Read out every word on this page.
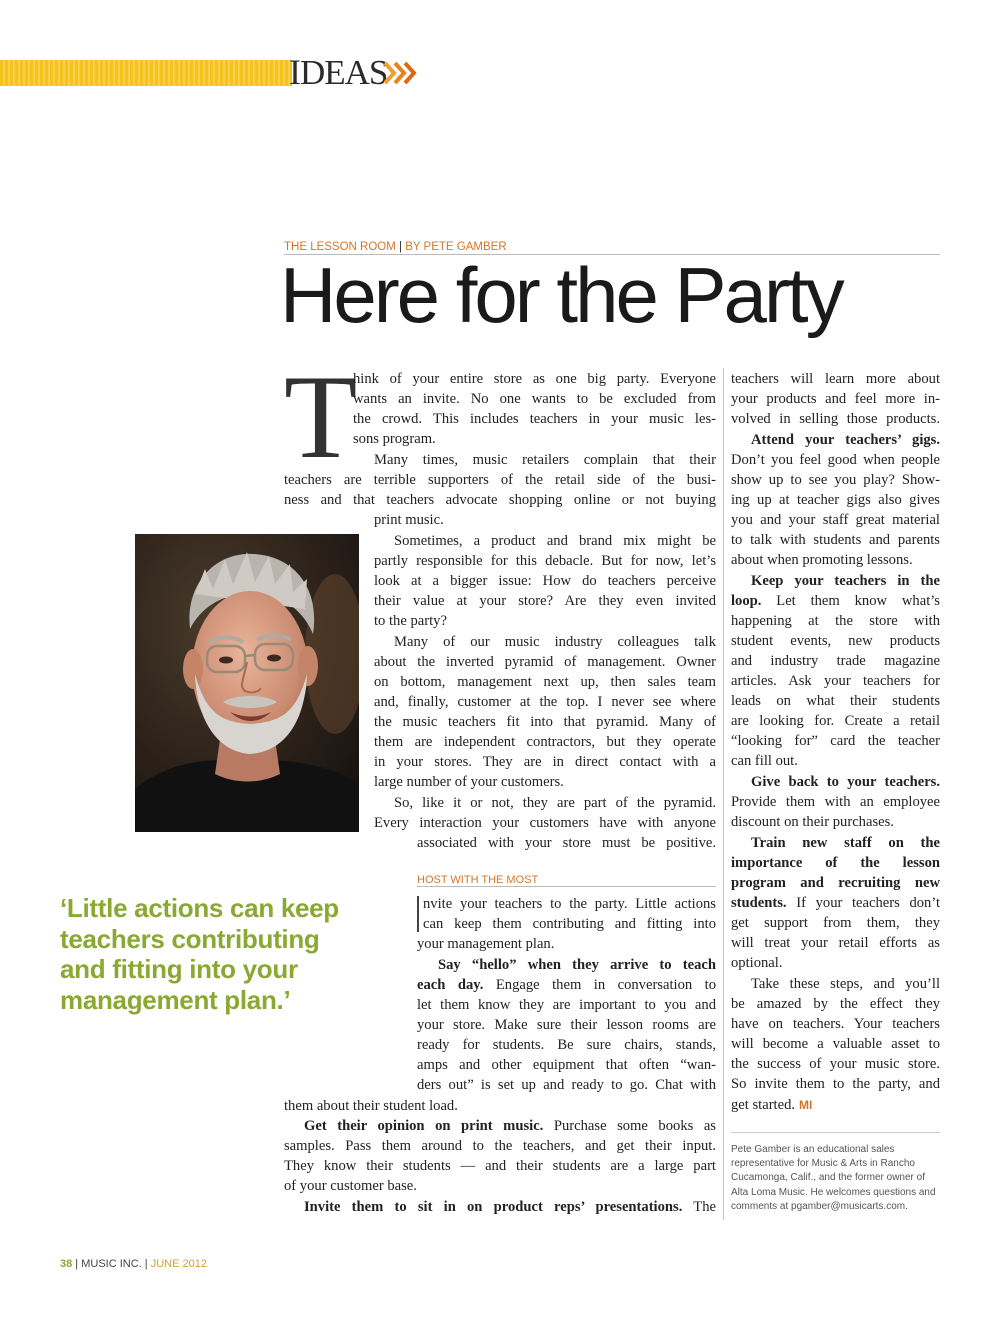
IDEAS
THE LESSON ROOM | BY PETE GAMBER
Here for the Party
T
hink of your entire store as one big party. Everyone
wants an invite. No one wants to be excluded from
the crowd. This includes teachers in your music les-
sons program.
Many times, music retailers complain that their
teachers are terrible supporters of the retail side of the busi-
ness and that teachers advocate shopping online or not buying
print music.
Sometimes, a product and brand mix might be
partly responsible for this debacle. But for now, let’s
look at a bigger issue: How do teachers perceive
their value at your store? Are they even invited
to the party?
Many of our music industry colleagues talk
about the inverted pyramid of management. Owner
on bottom, management next up, then sales team
and, finally, customer at the top. I never see where
the music teachers fit into that pyramid. Many of
them are independent contractors, but they operate
in your stores. They are in direct contact with a
large number of your customers.
So, like it or not, they are part of the pyramid.
Every interaction your customers have with anyone
associated with your store must be positive.
‘Little actions can keep
teachers contributing
and fitting into your
management plan.’
HOST WITH THE MOST
nvite your teachers to the party. Little actions
can keep them contributing and fitting into
your management plan.
Say “hello” when they arrive to teach
each day. Engage them in conversation to
let them know they are important to you and
your store. Make sure their lesson rooms are
ready for students. Be sure chairs, stands,
amps and other equipment that often “wan-
ders out” is set up and ready to go. Chat with
them about their student load.
Get their opinion on print music. Purchase some books as
samples. Pass them around to the teachers, and get their input.
They know their students — and their students are a large part
of your customer base.
Invite them to sit in on product reps’ presentations. The
teachers will learn more about
your products and feel more in-
volved in selling those products.
Attend your teachers’ gigs.
Don’t you feel good when people
show up to see you play? Show-
ing up at teacher gigs also gives
you and your staff great material
to talk with students and parents
about when promoting lessons.
Keep your teachers in the
loop. Let them know what’s
happening at the store with
student events, new products
and industry trade magazine
articles. Ask your teachers for
leads on what their students
are looking for. Create a retail
“looking for” card the teacher
can fill out.
Give back to your teachers.
Provide them with an employee
discount on their purchases.
Train new staff on the
importance of the lesson
program and recruiting new
students. If your teachers don’t
get support from them, they
will treat your retail efforts as
optional.
Take these steps, and you’ll
be amazed by the effect they
have on teachers. Your teachers
will become a valuable asset to
the success of your music store.
So invite them to the party, and
get started. MI
Pete Gamber is an educational sales
representative for Music & Arts in Rancho
Cucamonga, Calif., and the former owner of
Alta Loma Music. He welcomes questions and
comments at pgamber@musicarts.com.
38 | MUSIC INC. | JUNE 2012
